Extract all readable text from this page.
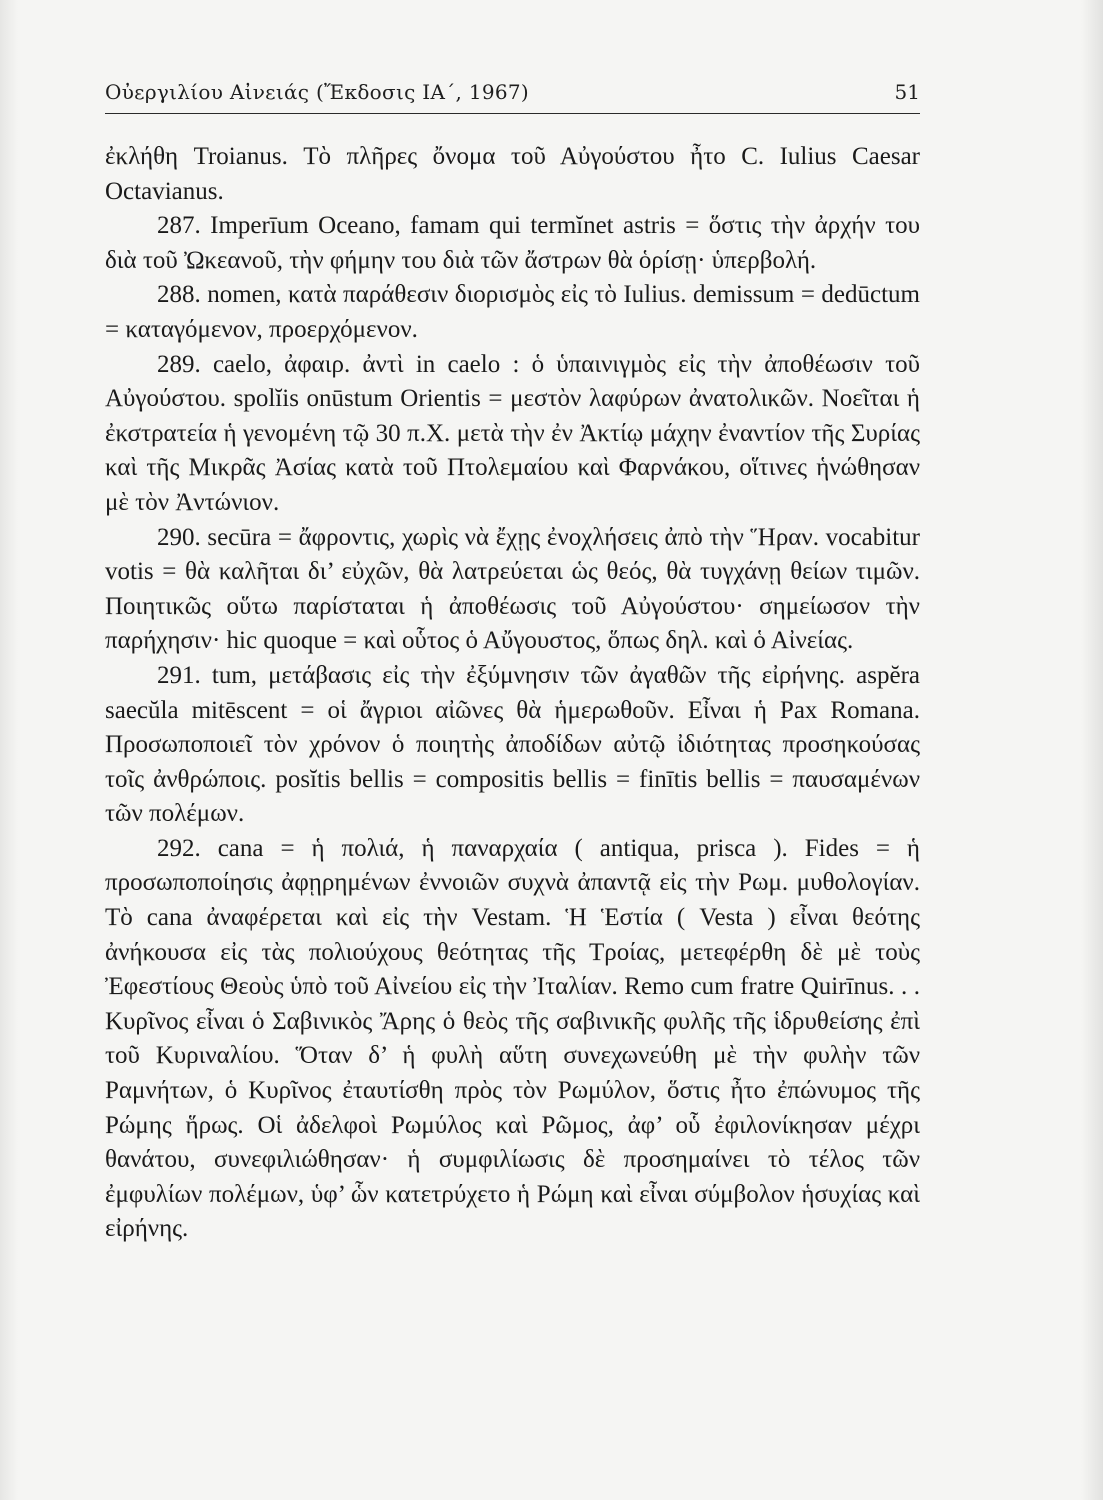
Οὐεργιλίου Αἰνειάς (Ἔκδοσις ΙΑ΄, 1967)	51

ἐκλήθη Troianus. Τὸ πλῆρες ὄνομα τοῦ Αὐγούστου ἦτο C. Iulius Caesar Octavianus.

287. Imperīum Oceano, famam qui termĭnet astris = ὅστις τὴν ἀρχήν του διὰ τοῦ Ὠκεανοῦ, τὴν φήμην του διὰ τῶν ἄστρων θὰ ὁρίσῃ· ὑπερβολή.

288. nomen, κατὰ παράθεσιν διορισμὸς εἰς τὸ Iulius. demissum = dedūctum = καταγόμενον, προερχόμενον.

289. caelo, ἀφαιρ. ἀντὶ in caelo : ὁ ὑπαινιγμὸς εἰς τὴν ἀποθέωσιν τοῦ Αὐγούστου. spolĭis onūstum Orientis = μεστὸν λαφύρων ἀνατολικῶν. Νοεῖται ἡ ἐκστρατεία ἡ γενομένη τῷ 30 π.Χ. μετὰ τὴν ἐν Ἀκτίῳ μάχην ἐναντίον τῆς Συρίας καὶ τῆς Μικρᾶς Ἀσίας κατὰ τοῦ Πτολεμαίου καὶ Φαρνάκου, οἵτινες ἡνώθησαν μὲ τὸν Ἀντώνιον.

290. secūra = ἄφροντις, χωρὶς νὰ ἔχῃς ἐνοχλήσεις ἀπὸ τὴν Ἥραν. vocabitur votis = θὰ καλῆται δι’ εὐχῶν, θὰ λατρεύεται ὡς θεός, θὰ τυγχάνῃ θείων τιμῶν. Ποιητικῶς οὕτω παρίσταται ἡ ἀποθέωσις τοῦ Αὐγούστου· σημείωσον τὴν παρήχησιν· hic quoque = καὶ οὗτος ὁ Αὔγουστος, ὅπως δηλ. καὶ ὁ Αἰνείας.

291. tum, μετάβασις εἰς τὴν ἐξύμνησιν τῶν ἀγαθῶν τῆς εἰρήνης. aspĕra saecŭla mitēscent = οἱ ἄγριοι αἰῶνες θὰ ἡμερωθοῦν. Εἶναι ἡ Pax Romana. Προσωποποιεῖ τὸν χρόνον ὁ ποιητὴς ἀποδίδων αὐτῷ ἰδιότητας προσηκούσας τοῖς ἀνθρώποις. posĭtis bellis = compositis bellis = finītis bellis = παυσαμένων τῶν πολέμων.

292. cana = ἡ πολιά, ἡ παναρχαία ( antiqua, prisca ). Fides = ἡ προσωποποίησις ἀφῃρημένων ἐννοιῶν συχνὰ ἀπαντᾷ εἰς τὴν Ρωμ. μυθολογίαν. Τὸ cana ἀναφέρεται καὶ εἰς τὴν Vestam. Ἡ Ἑστία ( Vesta ) εἶναι θεότης ἀνήκουσα εἰς τὰς πολιούχους θεότητας τῆς Τροίας, μετεφέρθη δὲ μὲ τοὺς Ἐφεστίους Θεοὺς ὑπὸ τοῦ Αἰνείου εἰς τὴν Ἰταλίαν. Remo cum fratre Quirīnus. . . Κυρῖνος εἶναι ὁ Σαβινικὸς Ἄρης ὁ θεὸς τῆς σαβινικῆς φυλῆς τῆς ἱδρυθείσης ἐπὶ τοῦ Κυριναλίου. Ὅταν δ’ ἡ φυλὴ αὕτη συνεχωνεύθη μὲ τὴν φυλὴν τῶν Ραμνήτων, ὁ Κυρῖνος ἐταυτίσθη πρὸς τὸν Ρωμύλον, ὅστις ἦτο ἐπώνυμος τῆς Ρώμης ἥρως. Οἱ ἀδελφοὶ Ρωμύλος καὶ Ρῶμος, ἀφ’ οὗ ἐφιλονίκησαν μέχρι θανάτου, συνεφιλιώθησαν· ἡ συμφιλίωσις δὲ προσημαίνει τὸ τέλος τῶν ἐμφυλίων πολέμων, ὑφ’ ὧν κατετρύχετο ἡ Ρώμη καὶ εἶναι σύμβολον ἡσυχίας καὶ εἰρήνης.
